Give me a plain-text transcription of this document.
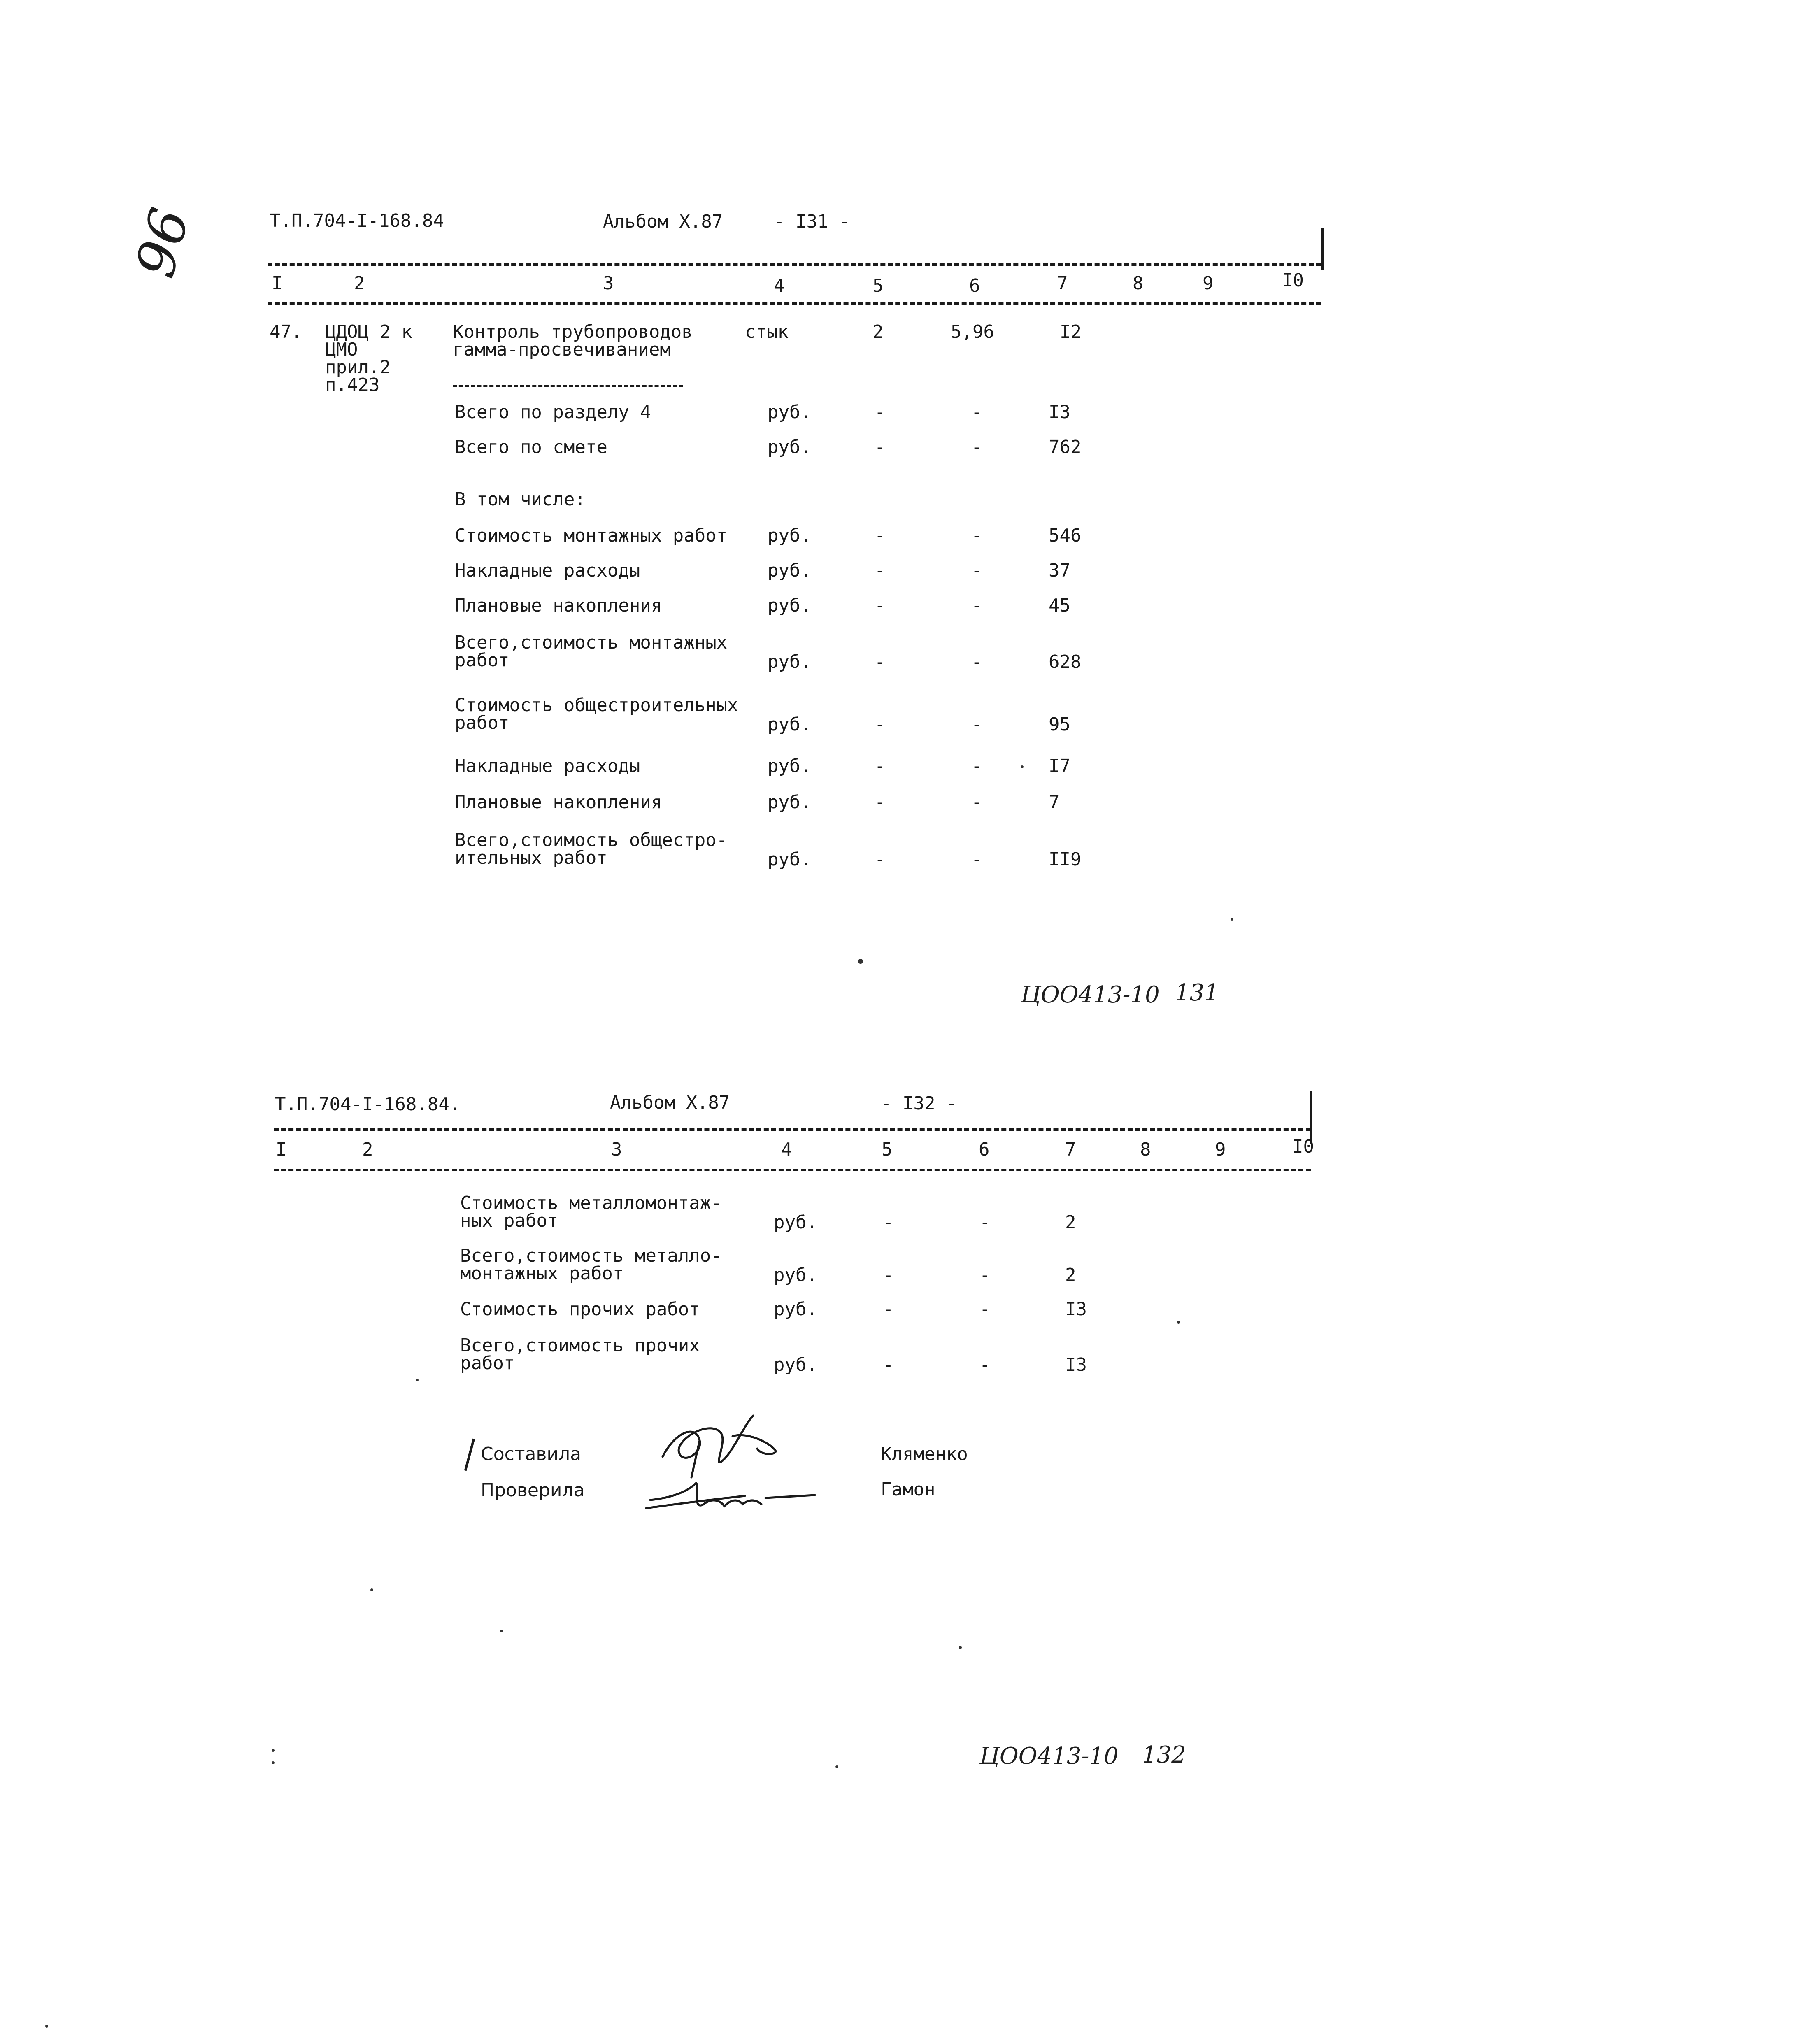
96	Т.П.704-I-168.84	Альбом X.87	- I31 -
I	2	3	4	5	6	7	8	9	I0
47. ЦДОЦ 2 к
ЦМО
прил.2
п.423
Контроль трубопроводов
гамма-просвечиванием
стык	2	5,96	I2
Всего по разделу 4	руб.	-	-	I3
Всего по смете	руб.	-	-	762
В том числе:
Стоимость монтажных работ руб.	-	-	546
Накладные расходы	руб.	-	-	37
Плановые накопления	руб.	-	-	45
Всего,стоимость монтажных
работ	руб.	-	-	628
Стоимость общестроительных
работ	руб.	-	-	95
Накладные расходы	руб.	-	-	I7
Плановые накопления	руб.	-	-	7
Всего,стоимость общестро-
ительных работ	руб.	-	-	II9
ЦОО413-10 131
Т.П.704-I-168.84.	Альбом X.87	- I32 -
I	2	3	4	5	6	7	8	9	I0
Стоимость металломонтаж-
ных работ	руб.	-	-	2
Всего,стоимость металло-
монтажных работ	руб.	-	-	2
Стоимость прочих работ	руб.	-	-	I3
Всего,стоимость прочих
работ	руб.	-	-	I3
Составила
Проверила
Кляменко
Гамон
ЦОО413-10 132
